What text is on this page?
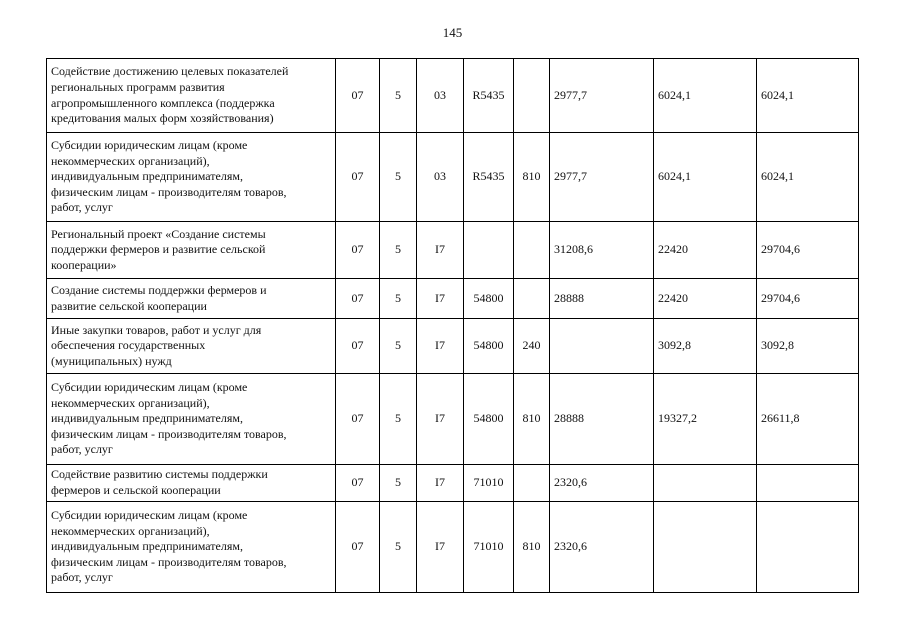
145
Содействие достижению целевых показателей
региональных программ развития
агропромышленного комплекса (поддержка
кредитования малых форм хозяйствования)	07	5	03	R5435		2977,7	6024,1	6024,1

Субсидии юридическим лицам (кроме
некоммерческих организаций),
индивидуальным предпринимателям,
физическим лицам - производителям товаров,
работ, услуг	07	5	03	R5435	810	2977,7	6024,1	6024,1

Региональный проект «Создание системы
поддержки фермеров и развитие сельской
кооперации»	07	5	I7			31208,6	22420	29704,6

Создание системы поддержки фермеров и
развитие сельской кооперации	07	5	I7	54800		28888	22420	29704,6

Иные закупки товаров, работ и услуг для
обеспечения государственных
(муниципальных) нужд	07	5	I7	54800	240		3092,8	3092,8

Субсидии юридическим лицам (кроме
некоммерческих организаций),
индивидуальным предпринимателям,
физическим лицам - производителям товаров,
работ, услуг	07	5	I7	54800	810	28888	19327,2	26611,8

Содействие развитию системы поддержки
фермеров и сельской кооперации	07	5	I7	71010		2320,6		

Субсидии юридическим лицам (кроме
некоммерческих организаций),
индивидуальным предпринимателям,
физическим лицам - производителям товаров,
работ, услуг	07	5	I7	71010	810	2320,6		
